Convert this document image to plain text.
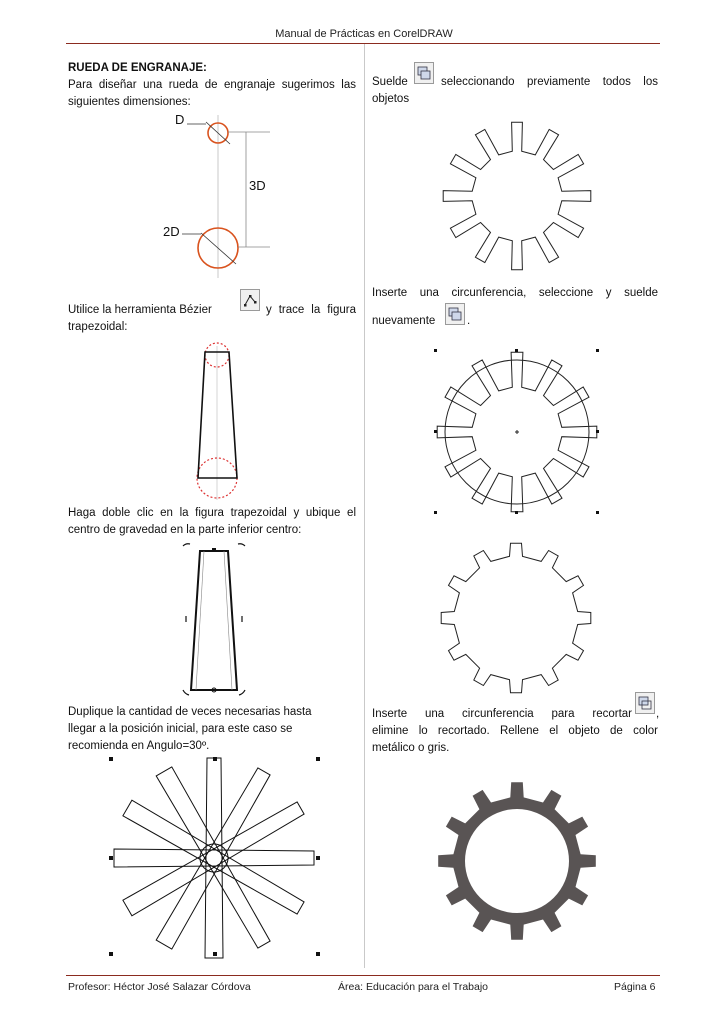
Manual de Prácticas en CorelDRAW
RUEDA DE ENGRANAJE:
Para diseñar una rueda de engranaje sugerimos las
siguientes dimensiones:
D
3D
2D
Utilice la herramienta Bézier	y trace la figura
trapezoidal:
Haga doble clic en la figura trapezoidal y ubique el
centro de gravedad en la parte inferior centro:
Duplique la cantidad de veces necesarias hasta
llegar a la posición inicial, para este caso se
recomienda en Angulo=30º.
Suelde	seleccionando previamente todos los
objetos
Inserte una circunferencia, seleccione y suelde
nuevamente	.
Inserte una circunferencia para recortar ,
elimine lo recortado. Rellene el objeto de color
metálico o gris.
Profesor: Héctor José Salazar Córdova	Área: Educación para el Trabajo	Página 6
